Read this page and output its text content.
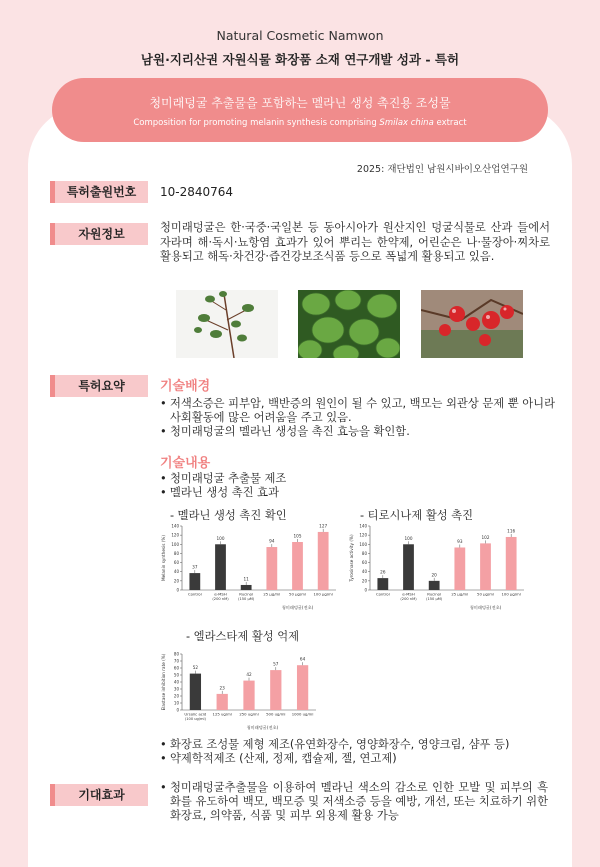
Natural Cosmetic Namwon
남원·지리산권 자원식물 화장품 소재 연구개발 성과 - 특허
청미래덩굴 추출물을 포함하는 멜라닌 생성 촉진용 조성물
Composition for promoting melanin synthesis comprising Smilax china extract
2025: 재단법인 남원시바이오산업연구원
특허출원번호	10-2840764
자원정보	청미래덩굴은 한·국중·국일본 등 동아시아가 원산지인 덩굴식물로 산과 들에서 자라며 해·독시·뇨항염 효과가 있어 뿌리는 한약제, 어린순은 나·물장아·찌차로 활용되고 해독·차건강·즙건강보조식품 등으로 폭넓게 활용되고 있음.
특허요약	기술배경
• 저색소증은 피부암, 백반증의 원인이 될 수 있고, 백모는 외관상 문제 뿐 아니라 사회활동에 많은 어려움을 주고 있음.
• 청미래덩굴의 멜라닌 생성을 촉진 효능을 확인함.
기술내용
• 청미래덩굴 추출물 제조
• 멜라닌 생성 촉진 효과
- 멜라닌 생성 촉진 확인	- 티로시나제 활성 촉진
Melanin synthesis (%)
0
20
40
60
80
100
120
140
37
Control
100
α-MSH
(200 nM)
11
Rucinol
(150 μM)
94
25 μg/ml
105
50 μg/ml
127
100 μg/ml
청미래덩굴(전초)
Tyrosinase activity (%)
0
20
40
60
80
100
120
140
26
Control
100
α-MSH
(200 nM)
20
Rucinol
(150 μM)
93
25 μg/ml
102
50 μg/ml
116
100 μg/ml
청미래덩굴(전초)
- 엘라스타제 활성 억제
Elastase inhibition rate (%)	0
10
20
30
40
50
60
70
80
52
Ursolic acid
(100 ug/ml)
23
125 ug/ml
42
250 ug/ml
57
500 ug/ml
64
1000 ug/ml
청미래덩굴(전초)
• 화장료 조성물 제형 제조(유연화장수, 영양화장수, 영양크림, 샴푸 등)
• 약제학적제조 (산제, 정제, 캡슐제, 젤, 연고제)
기대효과
• 청미래덩굴추출물을 이용하여 멜라닌 색소의 감소로 인한 모발 및 피부의 흑화를 유도하여 백모, 백모증 및 저색소증 등을 예방, 개선, 또는 치료하기 위한 화장료, 의약품, 식품 및 피부 외용제 활용 가능
